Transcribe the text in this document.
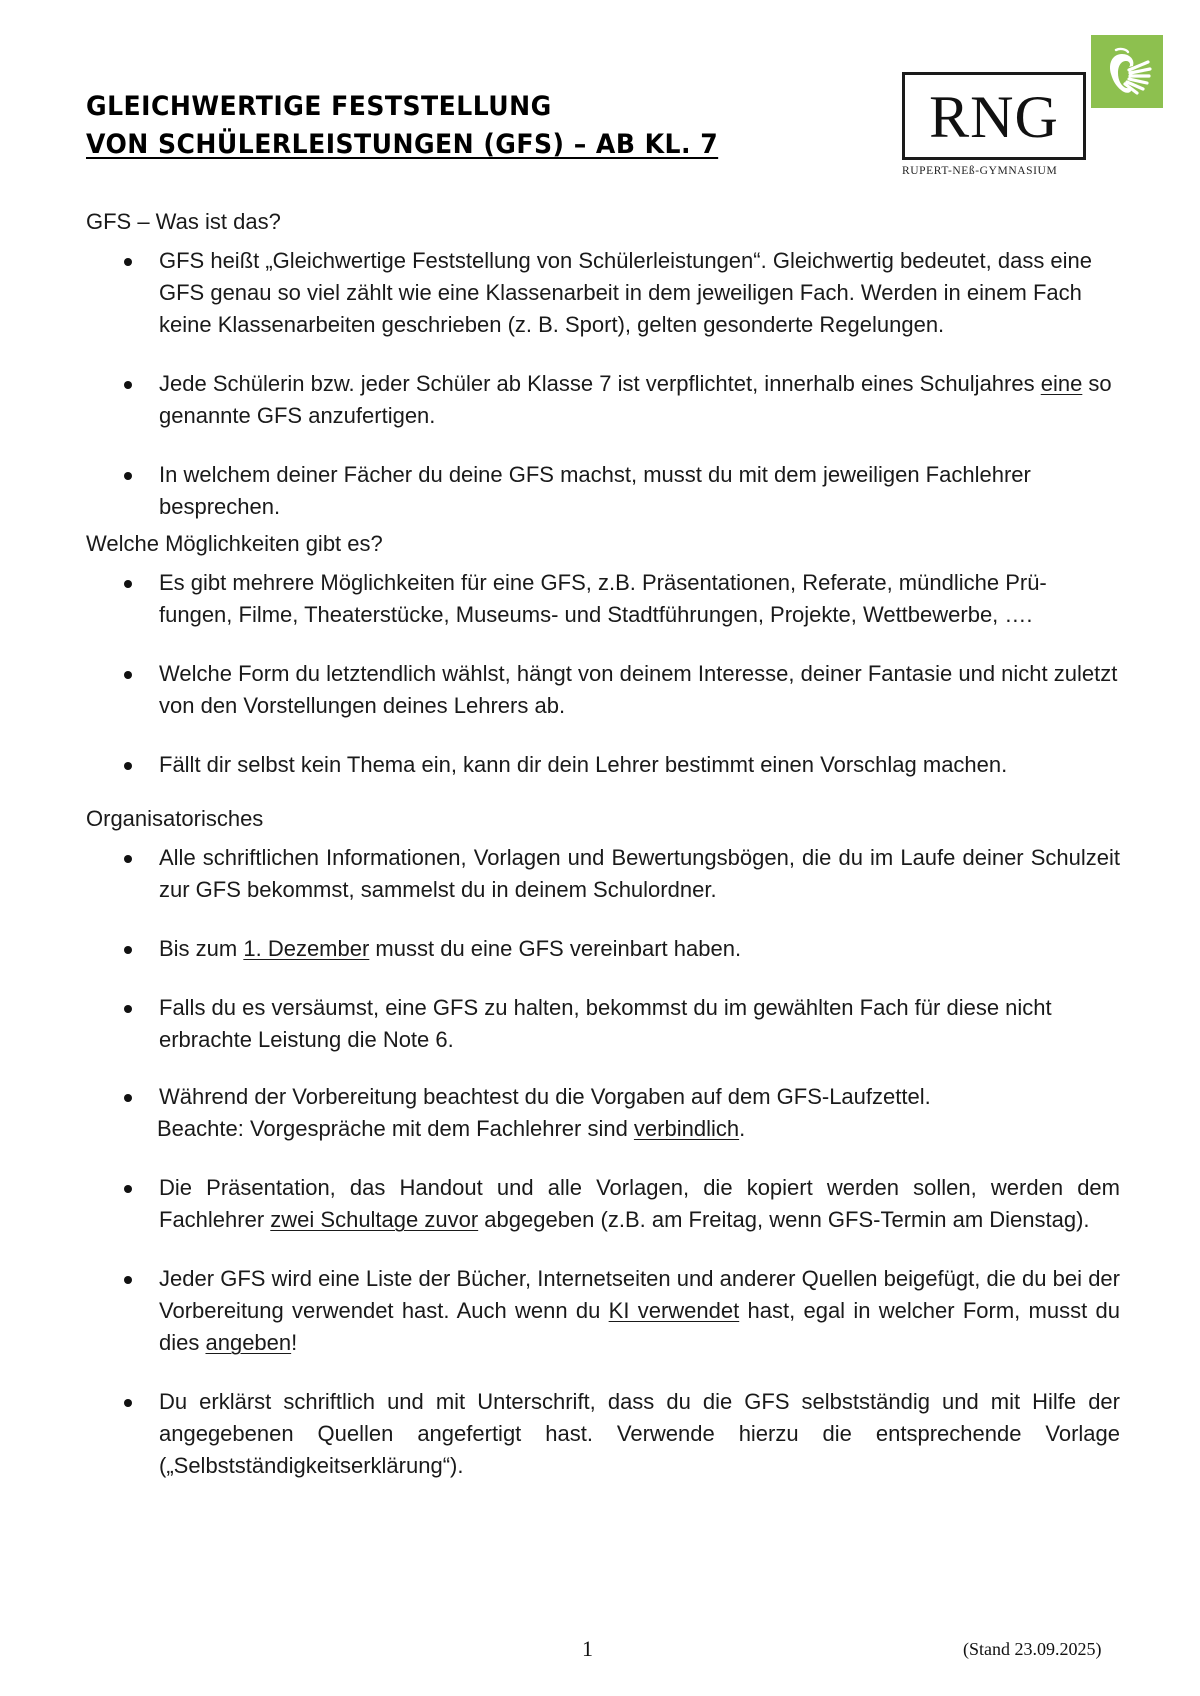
GLEICHWERTIGE FESTSTELLUNG
VON SCHÜLERLEISTUNGEN (GFS) – AB KL. 7	RNG
RUPERT-NEß-GYMNASIUM
GFS – Was ist das?
GFS heißt „Gleichwertige Feststellung von Schülerleistungen“. Gleichwertig bedeutet, dass eine GFS genau so viel zählt wie eine Klassenarbeit in dem jeweiligen Fach. Werden in einem Fach keine Klassenarbeiten geschrieben (z. B. Sport), gelten gesonderte Regelungen.
Jede Schülerin bzw. jeder Schüler ab Klasse 7 ist verpflichtet, innerhalb eines Schuljahres eine so genannte GFS anzufertigen.
In welchem deiner Fächer du deine GFS machst, musst du mit dem jeweiligen Fachlehrer besprechen.
Welche Möglichkeiten gibt es?
Es gibt mehrere Möglichkeiten für eine GFS, z.B. Präsentationen, Referate, mündliche Prü-fungen, Filme, Theaterstücke, Museums- und Stadtführungen, Projekte, Wettbewerbe, ….
Welche Form du letztendlich wählst, hängt von deinem Interesse, deiner Fantasie und nicht zuletzt von den Vorstellungen deines Lehrers ab.
Fällt dir selbst kein Thema ein, kann dir dein Lehrer bestimmt einen Vorschlag machen.
Organisatorisches
Alle schriftlichen Informationen, Vorlagen und Bewertungsbögen, die du im Laufe deiner Schulzeit zur GFS bekommst, sammelst du in deinem Schulordner.
Bis zum 1. Dezember musst du eine GFS vereinbart haben.
Falls du es versäumst, eine GFS zu halten, bekommst du im gewählten Fach für diese nicht erbrachte Leistung die Note 6.
Während der Vorbereitung beachtest du die Vorgaben auf dem GFS-Laufzettel.
Beachte: Vorgespräche mit dem Fachlehrer sind verbindlich.
Die Präsentation, das Handout und alle Vorlagen, die kopiert werden sollen, werden dem Fachlehrer zwei Schultage zuvor abgegeben (z.B. am Freitag, wenn GFS-Termin am Dienstag).
Jeder GFS wird eine Liste der Bücher, Internetseiten und anderer Quellen beigefügt, die du bei der Vorbereitung verwendet hast. Auch wenn du KI verwendet hast, egal in welcher Form, musst du dies angeben!
Du erklärst schriftlich und mit Unterschrift, dass du die GFS selbstständig und mit Hilfe der angegebenen Quellen angefertigt hast. Verwende hierzu die entsprechende Vorlage („Selbstständigkeitserklärung“).
1	(Stand 23.09.2025)
